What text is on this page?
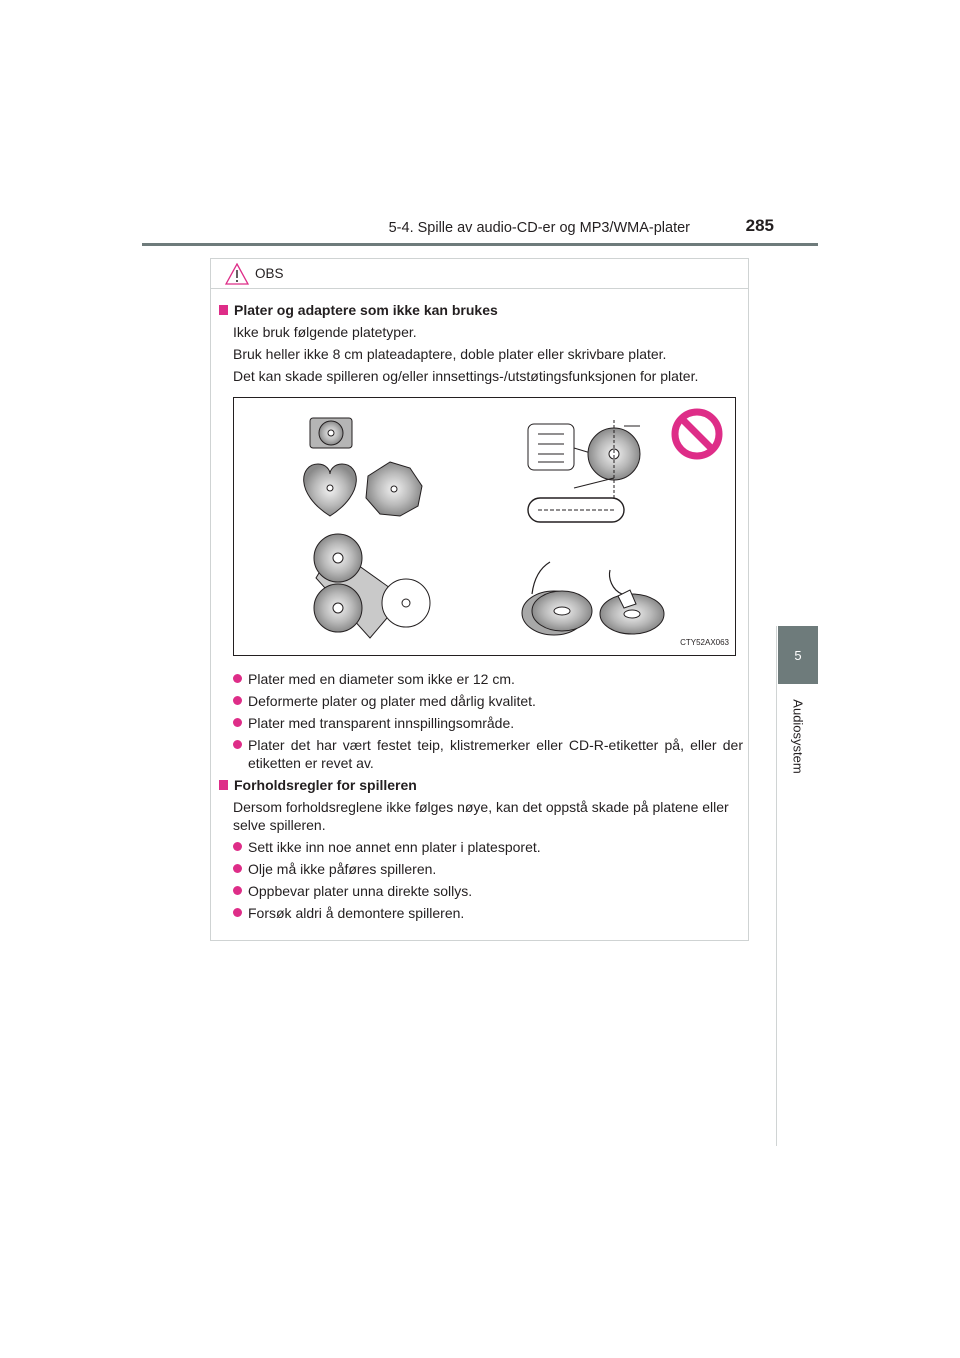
5-4. Spille av audio-CD-er og MP3/WMA-plater	285
5
Audiosystem
OBS
Plater og adaptere som ikke kan brukes
Ikke bruk følgende platetyper.
Bruk heller ikke 8 cm plateadaptere, doble plater eller skrivbare plater.
Det kan skade spilleren og/eller innsettings-/utstøtingsfunksjonen for plater.
CTY52AX063
Plater med en diameter som ikke er 12 cm.
Deformerte plater og plater med dårlig kvalitet.
Plater med transparent innspillingsområde.
Plater det har vært festet teip, klistremerker eller CD-R-etiketter på, eller der etiketten er revet av.
Forholdsregler for spilleren
Dersom forholdsreglene ikke følges nøye, kan det oppstå skade på platene eller selve spilleren.
Sett ikke inn noe annet enn plater i platesporet.
Olje må ikke påføres spilleren.
Oppbevar plater unna direkte sollys.
Forsøk aldri å demontere spilleren.
